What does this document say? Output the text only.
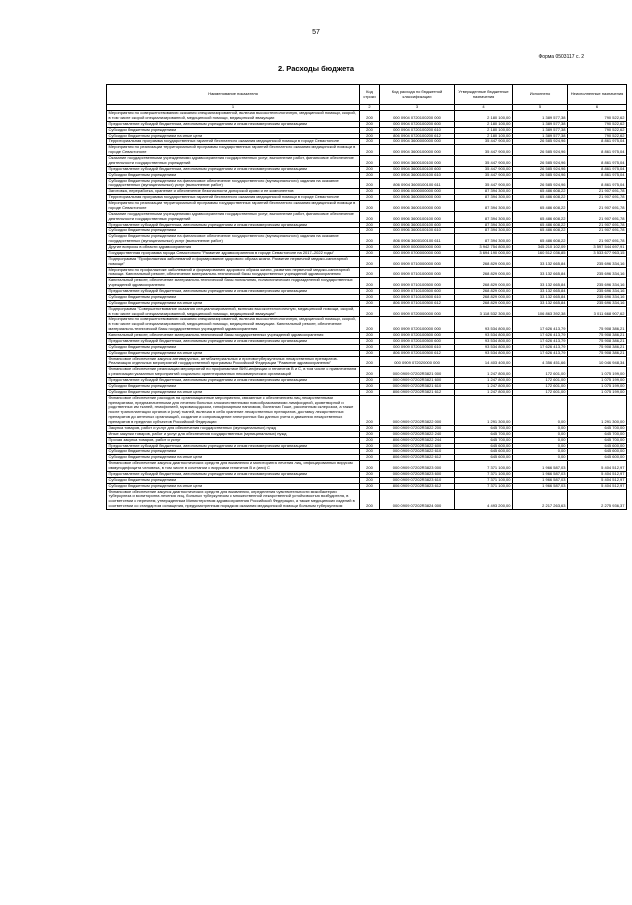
57
Форма 0503117 с. 2
2. Расходы бюджета
Наименование показателя	Код строки	Код расхода по бюджетной классификации	Утвержденные бюджетные назначения	Исполнено	Неисполненные назначения
1	2	3	4	5	6
Мероприятия по совершенствованию оказания специализированной, включая высокотехнологичную, медицинской помощи, скорой, в том числе скорой специализированной, медицинской помощи, медицинской эвакуации	200	000 0904 0720100200 000	2 180 100,00	1 389 577,38	790 522,62
Предоставление субсидий бюджетным, автономным учреждениям и иным некоммерческим организациям	200	000 0904 0720100200 600	2 180 100,00	1 389 577,38	790 522,62
Субсидии бюджетным учреждениям	200	000 0904 0720100200 610	2 180 100,00	1 389 577,38	790 522,62
Субсидии бюджетным учреждениям на иные цели	200	806 0904 0720100200 612	2 180 100,00	1 389 577,38	790 522,62
Территориальная программа государственных гарантий бесплатного оказания медицинской помощи в городе Севастополе	200	000 0904 3600000000 000	35 447 900,00	26 585 924,96	8 861 975,04
Мероприятия по реализации территориальной программы государственных гарантий бесплатного оказания медицинской помощи в городе Севастополе	200	000 0904 3600100000 000	35 447 900,00	26 585 924,96	8 861 975,04
Оказание государственными учреждениями здравоохранения государственных услуг, выполнение работ, финансовое обеспечение деятельности государственных учреждений	200	000 0904 3600100100 000	35 447 900,00	26 585 924,96	8 861 975,04
Предоставление субсидий бюджетным, автономным учреждениям и иным некоммерческим организациям	200	000 0904 3600100100 600	35 447 900,00	26 585 924,96	8 861 975,04
Субсидии бюджетным учреждениям	200	000 0904 3600100100 610	35 447 900,00	26 585 924,96	8 861 975,04
Субсидии бюджетным учреждениям на финансовое обеспечение государственного (муниципального) задания на оказание государственных (муниципальных) услуг (выполнение работ)	200	806 0904 3600100100 611	35 447 900,00	26 585 924,96	8 861 975,04
Заготовка, переработка, хранение и обеспечение безопасности донорской крови и ее компонентов	200	000 0906 0000000000 000	87 394 300,00	65 486 608,22	21 907 691,78
Территориальная программа государственных гарантий бесплатного оказания медицинской помощи в городе Севастополе	200	000 0906 3600000000 000	87 394 300,00	65 486 608,22	21 907 691,78
Мероприятия по реализации территориальной программы государственных гарантий бесплатного оказания медицинской помощи в городе Севастополе	200	000 0906 3600100000 000	87 394 300,00	65 486 608,22	21 907 691,78
Оказание государственными учреждениями здравоохранения государственных услуг, выполнение работ, финансовое обеспечение деятельности государственных учреждений	200	000 0906 3600100100 000	87 394 300,00	65 486 608,22	21 907 691,78
Предоставление субсидий бюджетным, автономным учреждениям и иным некоммерческим организациям	200	000 0906 3600100100 600	87 394 300,00	65 486 608,22	21 907 691,78
Субсидии бюджетным учреждениям	200	000 0906 3600100100 610	87 394 300,00	65 486 608,22	21 907 691,78
Субсидии бюджетным учреждениям на финансовое обеспечение государственного (муниципального) задания на оказание государственных (муниципальных) услуг (выполнение работ)	200	806 0906 3600100100 611	87 394 300,00	65 486 608,22	21 907 691,78
Другие вопросы в области здравоохранения	200	000 0909 0000000000 000	3 942 754 800,00	345 210 102,09	3 597 544 697,91
Государственная программа города Севастополя "Развитие здравоохранения в городе Севастополе на 2017–2022 годы"	200	000 0909 0700000000 000	3 694 190 000,00	160 512 036,85	3 533 677 963,15
Подпрограмма "Профилактика заболеваний и формирование здорового образа жизни. Развитие первичной медико-санитарной помощи"	200	000 0909 0710000000 000	268 829 000,00	33 132 665,84	235 696 334,16
Мероприятия по профилактике заболеваний и формированию здорового образа жизни, развитию первичной медико-санитарной помощи. Капитальный ремонт, обеспечение материально-технической базы государственных учреждений здравоохранения	200	000 0909 0710100000 000	268 829 000,00	33 132 665,84	235 696 334,16
Капитальный ремонт, обеспечение материально-технической базы поликлиник, поликлинических подразделений государственных учреждений здравоохранения	200	000 0909 0710100500 000	268 829 000,00	33 132 665,84	235 696 334,16
Предоставление субсидий бюджетным, автономным учреждениям и иным некоммерческим организациям	200	000 0909 0710100500 600	268 829 000,00	33 132 665,84	235 696 334,16
Субсидии бюджетным учреждениям	200	000 0909 0710100500 610	268 829 000,00	33 132 665,84	235 696 334,16
Субсидии бюджетным учреждениям на иные цели	200	806 0909 0710100500 612	268 829 000,00	33 132 665,84	235 696 334,16
Подпрограмма "Совершенствование оказания специализированной, включая высокотехнологичную, медицинской помощи, скорой, в том числе скорой специализированной, медицинской помощи, медицинской эвакуации"	200	000 0909 0720000000 000	3 118 532 300,00	106 863 392,38	3 011 668 907,62
Мероприятия по совершенствованию оказания специализированной, включая высокотехнологичную, медицинской помощи, скорой, в том числе скорой специализированной, медицинской помощи, медицинской эвакуации. Капитальный ремонт, обеспечение материально-технической базы государственных учреждений здравоохранения	200	000 0909 0720100000 000	93 534 800,00	17 626 413,79	75 908 386,21
Капитальный ремонт, обеспечение материально-технической базы государственных учреждений здравоохранения	200	000 0909 0720100500 000	93 534 800,00	17 626 413,79	75 908 386,21
Предоставление субсидий бюджетным, автономным учреждениям и иным некоммерческим организациям	200	000 0909 0720100500 600	93 534 800,00	17 626 413,79	75 908 386,21
Субсидии бюджетным учреждениям	200	000 0909 0720100500 610	93 534 800,00	17 626 413,79	75 908 386,21
Субсидии бюджетным учреждениям на иные цели	200	806 0909 0720100500 612	93 534 800,00	17 626 413,79	75 908 386,21
Финансовое обеспечение закупок антивирусных, антибактериальных и противотуберкулезных лекарственных препаратов. Реализация отдельных мероприятий государственной программы Российской Федерации "Развитие здравоохранения"	200	000 0909 072020000 000	14 403 400,00	4 356 451,66	10 046 948,34
Финансовое обеспечение реализации мероприятий по профилактике ВИЧ-инфекции и гепатитов В и С, в том числе с привлечением к реализации указанных мероприятий социально ориентированных некоммерческих организаций	200	000 0909 07202R3821 000	1 247 800,00	172 601,00	1 075 199,00
Предоставление субсидий бюджетным, автономным учреждениям и иным некоммерческим организациям	200	000 0909 07202R3821 600	1 247 800,00	172 601,00	1 075 199,00
Субсидии бюджетным учреждениям	200	000 0909 07202R3821 610	1 247 800,00	172 601,00	1 075 199,00
Субсидии бюджетным учреждениям на иные цели	200	806 0909 07202R3821 612	1 247 800,00	172 601,00	1 075 199,00
Финансовое обеспечение расходов на организационные мероприятия, связанные с обеспечением лиц лекарственными препаратами, предназначенными для лечения больных злокачественными новообразованиями лимфоидной, кроветворной и родственных им тканей, гемофилией, муковисцидозом, гипофизарным нанизмом, болезнью Гоше, рассеянным склерозом, а также после трансплантации органов и (или) тканей, включая в себя хранение лекарственных препаратов, доставку лекарственных препаратов до аптечных организаций, создание и сопровождение электронных баз данных учета и движения лекарственных препаратов в пределах субъектов Российской Федерации	200	000 0909 07202R3822 000	1 291 300,00	0,00	1 291 300,00
Закупка товаров, работ и услуг для обеспечения государственных (муниципальных) нужд	200	000 0909 07202R3822 200	645 700,00	0,00	645 700,00
Иные закупки товаров, работ и услуг для обеспечения государственных (муниципальных) нужд	200	000 0909 07202R3822 240	645 700,00	0,00	645 700,00
Прочая закупка товаров, работ и услуг	200	806 0909 07202R3822 244	645 700,00	0,00	645 700,00
Предоставление субсидий бюджетным, автономным учреждениям и иным некоммерческим организациям	200	000 0909 07202R3822 600	645 600,00	0,00	645 600,00
Субсидии бюджетным учреждениям	200	000 0909 07202R3822 610	645 600,00	0,00	645 600,00
Субсидии бюджетным учреждениям на иные цели	200	806 0909 07202R3822 612	645 600,00	0,00	645 600,00
Финансовое обеспечение закупок диагностических средств для выявления и мониторинга лечения лиц, инфицированных вирусом иммунодефицита человека, в том числе в сочетании с вирусами гепатитов В и (или) С	200	000 0909 07202R3823 000	7 371 100,00	1 966 587,03	5 404 512,97
Предоставление субсидий бюджетным, автономным учреждениям и иным некоммерческим организациям	200	000 0909 07202R3823 600	7 371 100,00	1 966 587,03	5 404 512,97
Субсидии бюджетным учреждениям	200	000 0909 07202R3823 610	7 371 100,00	1 966 587,03	5 404 512,97
Субсидии бюджетным учреждениям на иные цели	200	806 0909 07202R3823 612	7 371 100,00	1 966 587,03	5 404 512,97
Финансовое обеспечение закупок диагностических средств для выявления, определения чувствительности микобактерии туберкулеза и мониторинга лечения лиц, больных туберкулезом с множественной лекарственной устойчивостью возбудителя, в соответствии с перечнем, утвержденным Министерством здравоохранения Российской Федерации, а также медицинских изделий в соответствии со стандартом оснащения, предусмотренным порядком оказания медицинской помощи больным туберкулезом	200	000 0909 07202R3824 000	4 493 200,00	2 217 263,63	2 275 936,37
